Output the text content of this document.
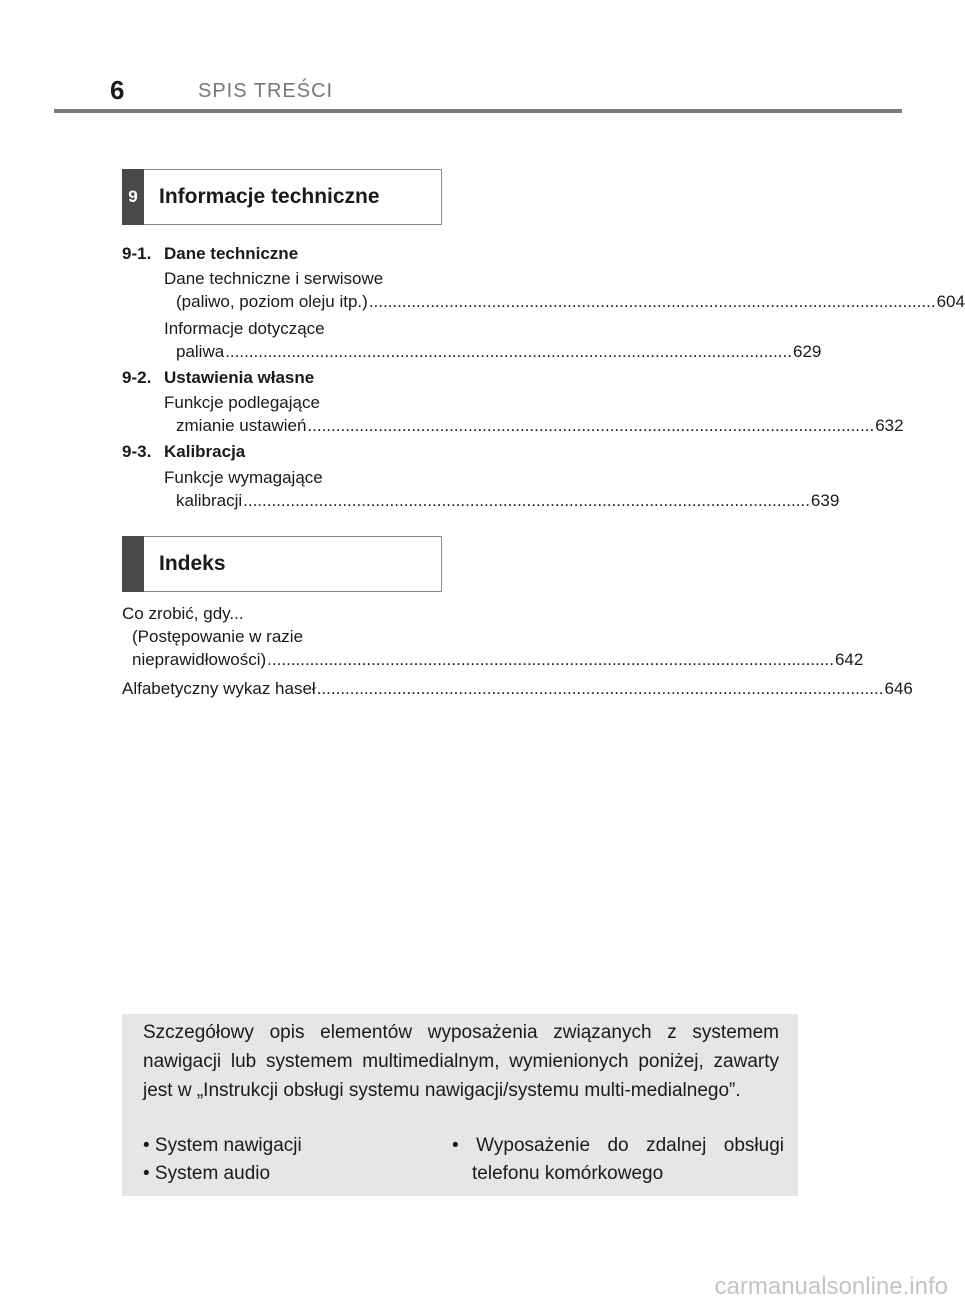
6	SPIS TREŚCI
9 Informacje techniczne
9-1. Dane techniczne
Dane techniczne i serwisowe
(paliwo, poziom oleju itp.) ........................................................................................................................ 604
Informacje dotyczące
paliwa ........................................................................................................................ 629
9-2. Ustawienia własne
Funkcje podlegające
zmianie ustawień ........................................................................................................................ 632
9-3. Kalibracja
Funkcje wymagające
kalibracji ........................................................................................................................ 639
Indeks
Co zrobić, gdy...
(Postępowanie w razie
nieprawidłowości) ........................................................................................................................ 642
Alfabetyczny wykaz haseł ........................................................................................................................ 646
Szczegółowy opis elementów wyposażenia związanych z systemem nawigacji lub systemem multimedialnym, wymienionych poniżej, zawarty jest w „Instrukcji obsługi systemu nawigacji/systemu multi-medialnego”.
• System nawigacji
• System audio
• Wyposażenie do zdalnej obsługi
telefonu komórkowego
carmanualsonline.info
